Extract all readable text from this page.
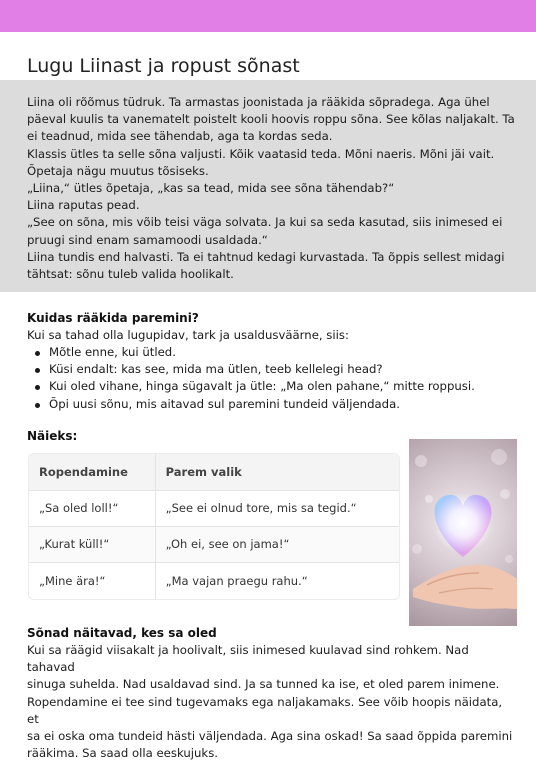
Lugu Liinast ja ropust sõnast

Liina oli rõõmus tüdruk. Ta armastas joonistada ja rääkida sõpradega. Aga ühel

päeval kuulis ta vanematelt poistelt kooli hoovis roppu sõna. See kõlas naljakalt. Ta

ei teadnud, mida see tähendab, aga ta kordas seda.

Klassis ütles ta selle sõna valjusti. Kõik vaatasid teda. Mõni naeris. Mõni jäi vait.

Õpetaja nägu muutus tõsiseks.

„Liina,“ ütles õpetaja, „kas sa tead, mida see sõna tähendab?“

Liina raputas pead.

„See on sõna, mis võib teisi väga solvata. Ja kui sa seda kasutad, siis inimesed ei

pruugi sind enam samamoodi usaldada.“

Liina tundis end halvasti. Ta ei tahtnud kedagi kurvastada. Ta õppis sellest midagi

tähtsat: sõnu tuleb valida hoolikalt.

Kuidas rääkida paremini?
Kui sa tahad olla lugupidav, tark ja usaldusväärne, siis:
Mõtle enne, kui ütled.
Küsi endalt: kas see, mida ma ütlen, teeb kellelegi head?
Kui oled vihane, hinga sügavalt ja ütle: „Ma olen pahane,“ mitte roppusi.
Õpi uusi sõnu, mis aitavad sul paremini tundeid väljendada.
Näieks:
Ropendamine	Parem valik
„Sa oled loll!“	„See ei olnud tore, mis sa tegid.“
„Kurat küll!“	„Oh ei, see on jama!“
„Mine ära!“	„Ma vajan praegu rahu.“
Sõnad näitavad, kes sa oled

Kui sa räägid viisakalt ja hoolivalt, siis inimesed kuulavad sind rohkem. Nad tahavad

sinuga suhelda. Nad usaldavad sind. Ja sa tunned ka ise, et oled parem inimene.

Ropendamine ei tee sind tugevamaks ega naljakamaks. See võib hoopis näidata, et

sa ei oska oma tundeid hästi väljendada. Aga sina oskad! Sa saad õppida paremini

rääkima. Sa saad olla eeskujuks.
